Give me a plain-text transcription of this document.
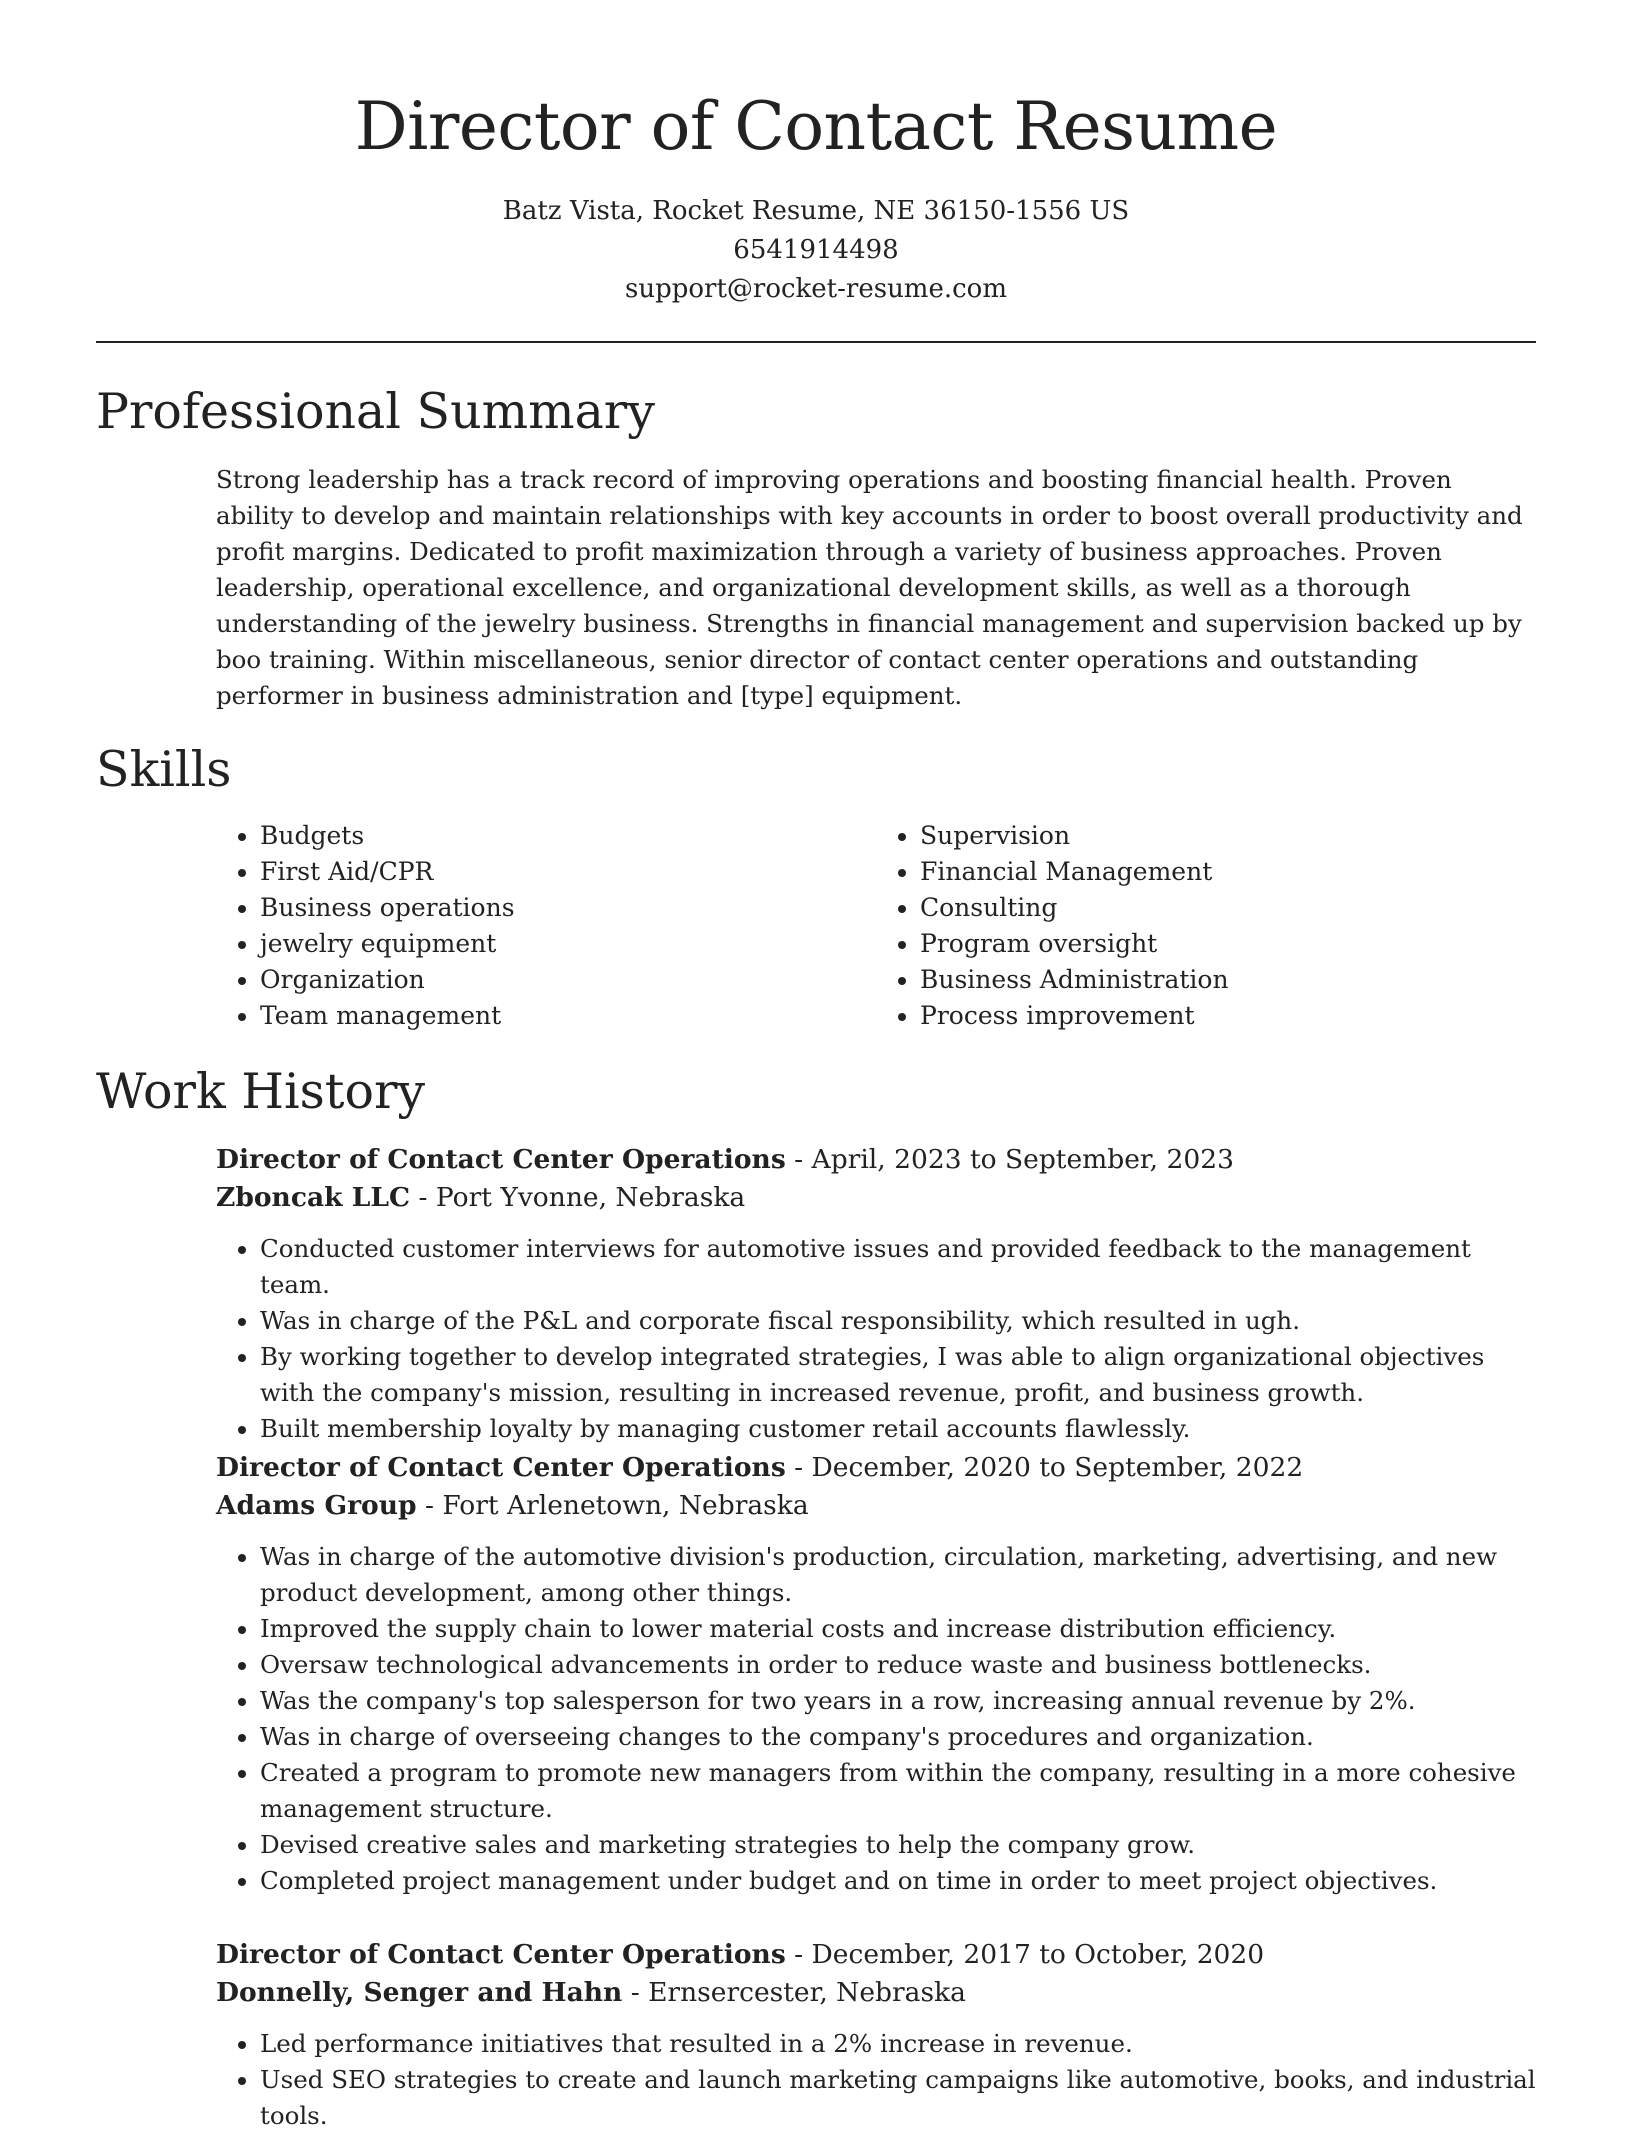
Director of Contact Resume
Batz Vista, Rocket Resume, NE 36150-1556 US
6541914498
support@rocket-resume.com
Professional Summary

Strong leadership has a track record of improving operations and boosting financial health. Proven ability to develop and maintain relationships with key accounts in order to boost overall productivity and profit margins. Dedicated to profit maximization through a variety of business approaches. Proven leadership, operational excellence, and organizational development skills, as well as a thorough understanding of the jewelry business. Strengths in financial management and supervision backed up by boo training. Within miscellaneous, senior director of contact center operations and outstanding performer in business administration and [type] equipment.

Skills
• Budgets
• First Aid/CPR
• Business operations
• jewelry equipment
• Organization
• Team management
• Supervision
• Financial Management
• Consulting
• Program oversight
• Business Administration
• Process improvement
Work History

Director of Contact Center Operations - April, 2023 to September, 2023

Zboncak LLC - Port Yvonne, Nebraska

• Conducted customer interviews for automotive issues and provided feedback to the management team.
• Was in charge of the P&L and corporate fiscal responsibility, which resulted in ugh.
• By working together to develop integrated strategies, I was able to align organizational objectives with the company's mission, resulting in increased revenue, profit, and business growth.
• Built membership loyalty by managing customer retail accounts flawlessly.

Director of Contact Center Operations - December, 2020 to September, 2022

Adams Group - Fort Arlenetown, Nebraska

• Was in charge of the automotive division's production, circulation, marketing, advertising, and new product development, among other things.
• Improved the supply chain to lower material costs and increase distribution efficiency.
• Oversaw technological advancements in order to reduce waste and business bottlenecks.
• Was the company's top salesperson for two years in a row, increasing annual revenue by 2%.
• Was in charge of overseeing changes to the company's procedures and organization.
• Created a program to promote new managers from within the company, resulting in a more cohesive management structure.
• Devised creative sales and marketing strategies to help the company grow.
• Completed project management under budget and on time in order to meet project objectives.

Director of Contact Center Operations - December, 2017 to October, 2020

Donnelly, Senger and Hahn - Ernsercester, Nebraska

• Led performance initiatives that resulted in a 2% increase in revenue.
• Used SEO strategies to create and launch marketing campaigns like automotive, books, and industrial tools.
